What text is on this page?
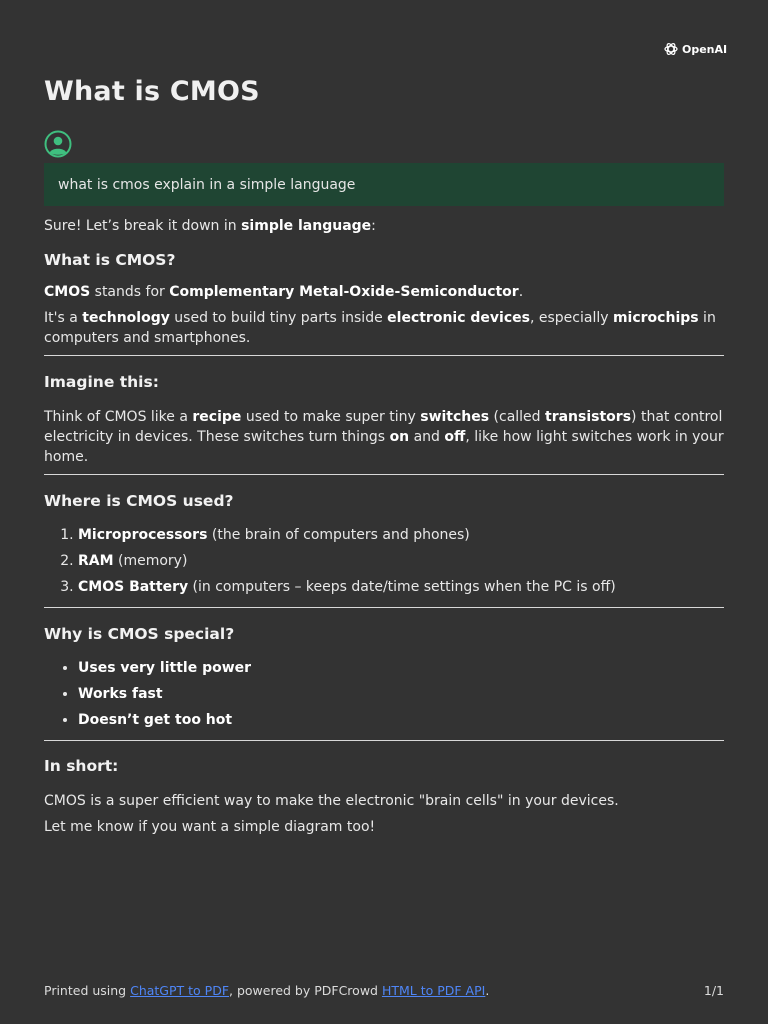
OpenAI
What is CMOS
what is cmos explain in a simple language

Sure! Let’s break it down in simple language:

What is CMOS?

CMOS stands for Complementary Metal-Oxide-Semiconductor.

It's a technology used to build tiny parts inside electronic devices, especially microchips in computers and smartphones.

Imagine this:

Think of CMOS like a recipe used to make super tiny switches (called transistors) that control electricity in devices. These switches turn things on and off, like how light switches work in your home.

Where is CMOS used?
1. Microprocessors (the brain of computers and phones)
2. RAM (memory)
3. CMOS Battery (in computers – keeps date/time settings when the PC is off)
Why is CMOS special?
• Uses very little power
• Works fast
• Doesn’t get too hot
In short:

CMOS is a super efficient way to make the electronic "brain cells" in your devices.

Let me know if you want a simple diagram too!

Printed using ChatGPT to PDF, powered by PDFCrowd HTML to PDF API.	1/1
